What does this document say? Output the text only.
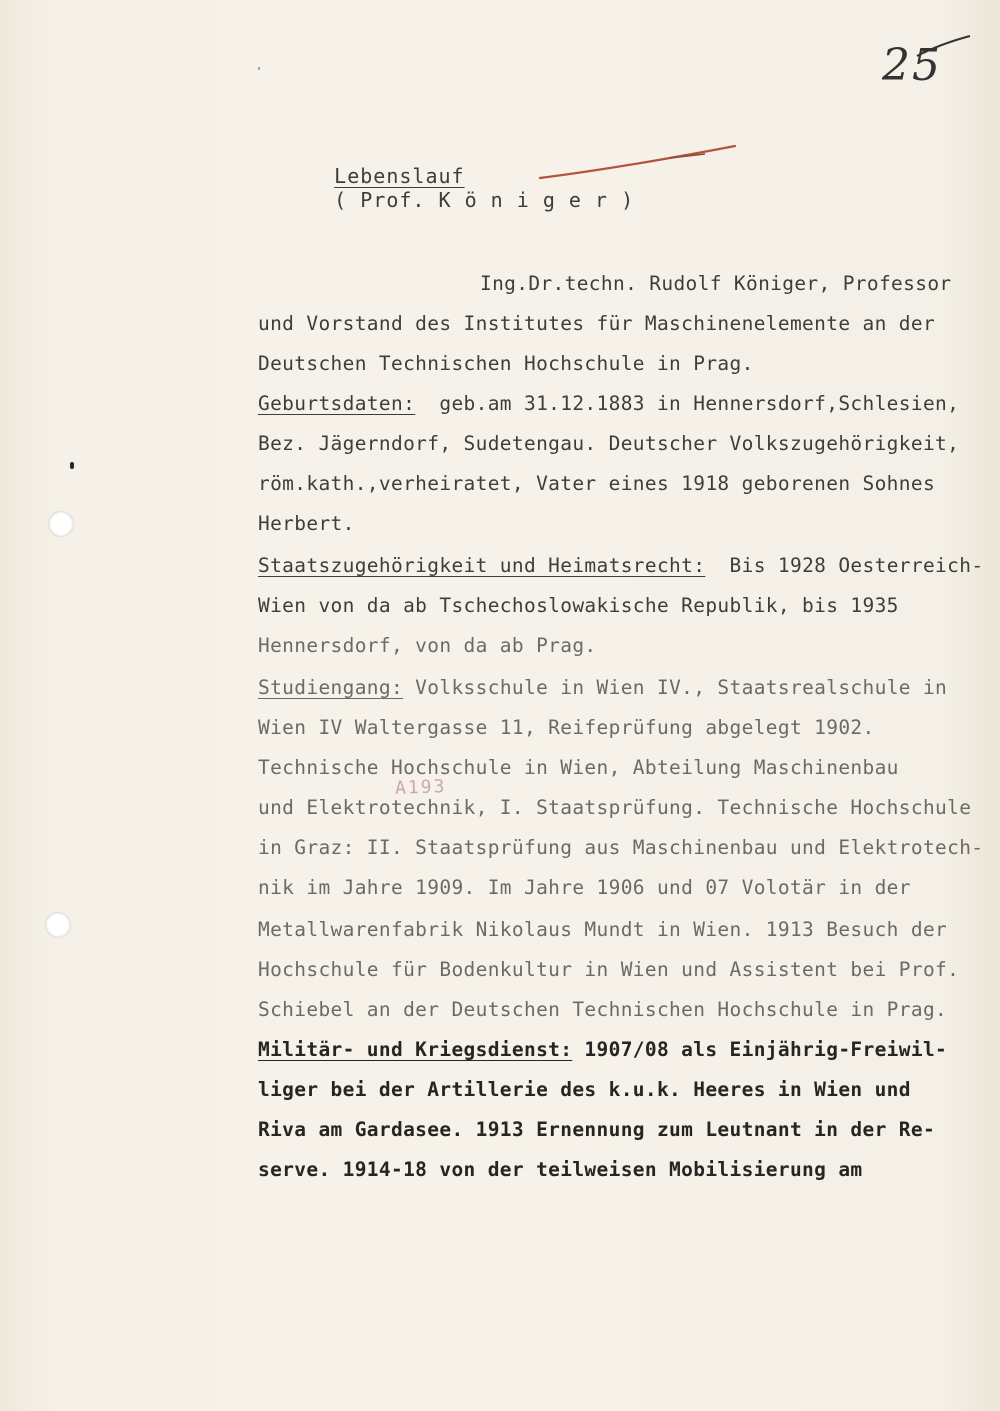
25

Lebenslauf
( Prof. K ö n i g e r )

A193
Ing.Dr.techn. Rudolf Königer, Professor
und Vorstand des Institutes für Maschinenelemente an der
Deutschen Technischen Hochschule in Prag.
Geburtsdaten:  geb.am 31.12.1883 in Hennersdorf,Schlesien,
Bez. Jägerndorf, Sudetengau. Deutscher Volkszugehörigkeit,
röm.kath.,verheiratet, Vater eines 1918 geborenen Sohnes
Herbert.
Staatszugehörigkeit und Heimatsrecht:  Bis 1928 Oesterreich-
Wien von da ab Tschechoslowakische Republik, bis 1935
Hennersdorf, von da ab Prag.
Studiengang: Volksschule in Wien IV., Staatsrealschule in
Wien IV Waltergasse 11, Reifeprüfung abgelegt 1902.
Technische Hochschule in Wien, Abteilung Maschinenbau
und Elektrotechnik, I. Staatsprüfung. Technische Hochschule
in Graz: II. Staatsprüfung aus Maschinenbau und Elektrotech-
nik im Jahre 1909. Im Jahre 1906 und 07 Volotär in der
Metallwarenfabrik Nikolaus Mundt in Wien. 1913 Besuch der
Hochschule für Bodenkultur in Wien und Assistent bei Prof.
Schiebel an der Deutschen Technischen Hochschule in Prag.
Militär- und Kriegsdienst: 1907/08 als Einjährig-Freiwil-
liger bei der Artillerie des k.u.k. Heeres in Wien und
Riva am Gardasee. 1913 Ernennung zum Leutnant in der Re-
serve. 1914-18 von der teilweisen Mobilisierung am
